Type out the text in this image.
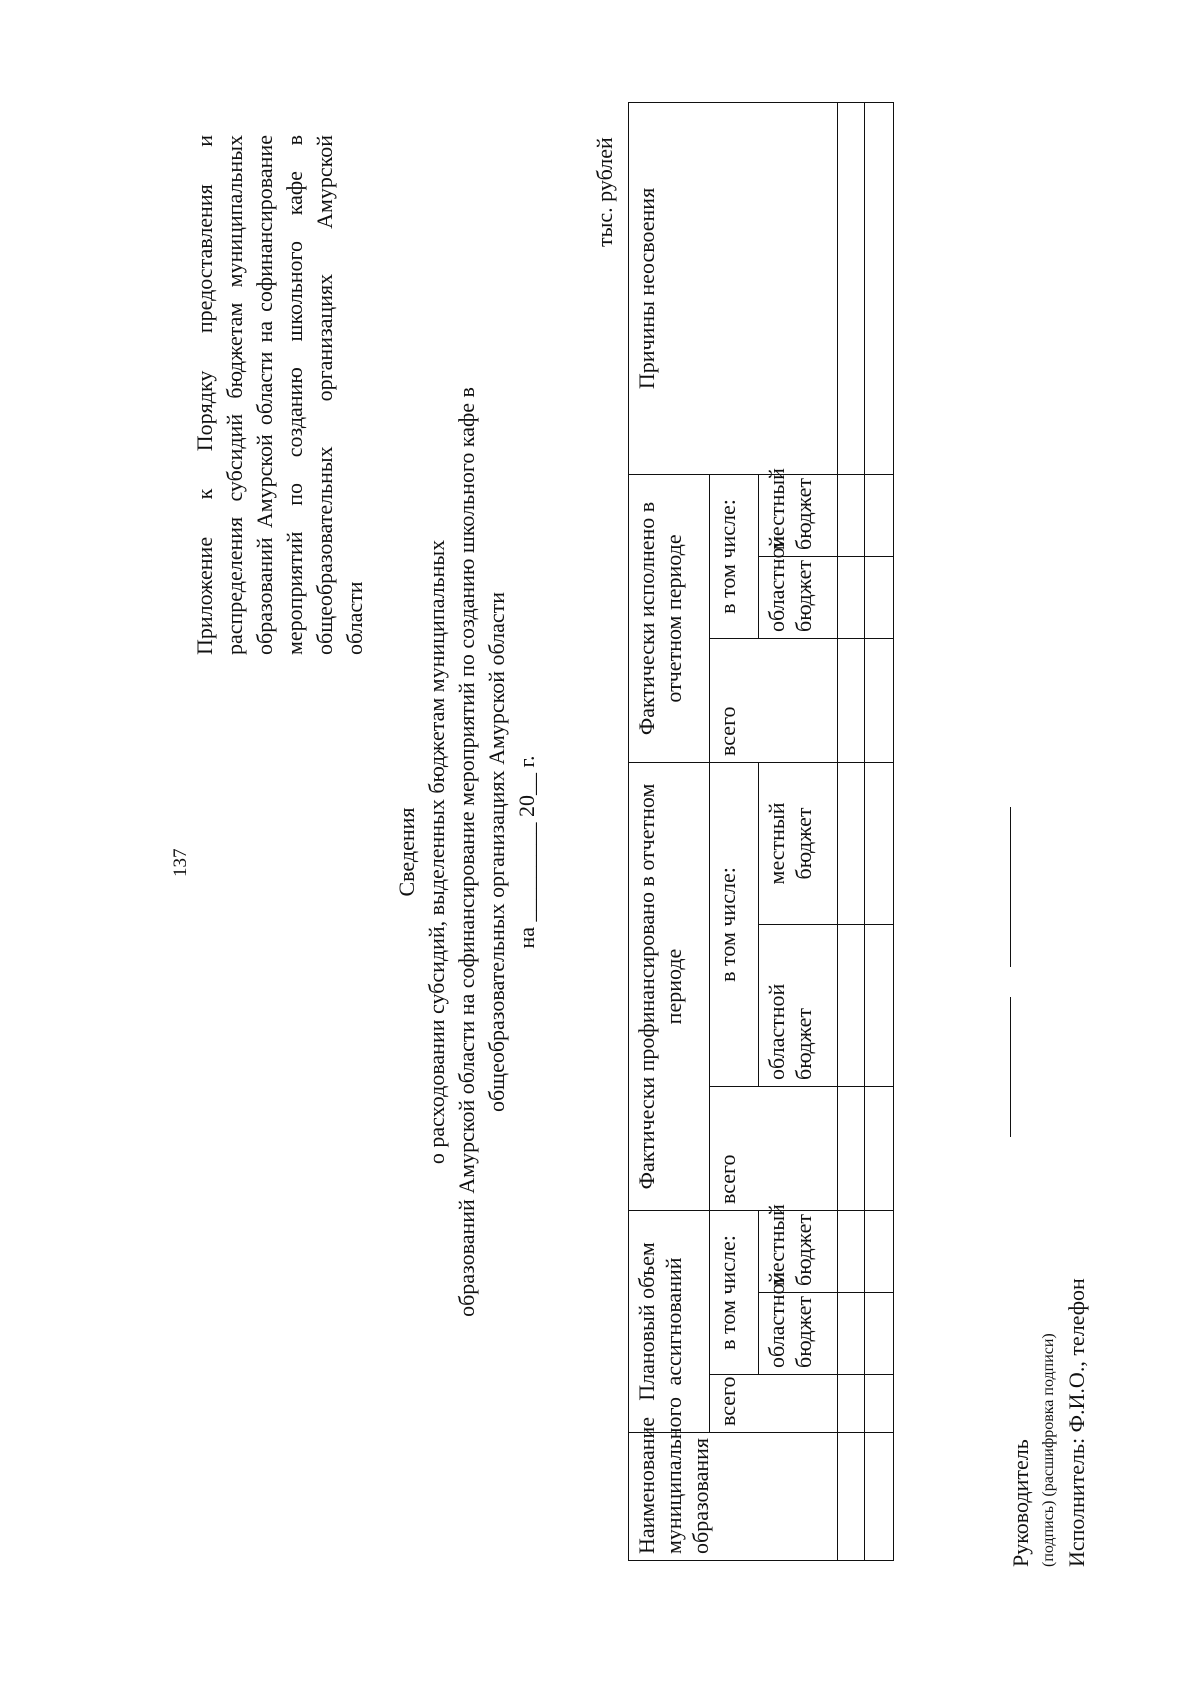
137
Приложение к Порядку предоставления и распределения субсидий бюджетам муниципальных образований Амурской области на софинансирование мероприятий по созданию школьного кафе в общеобразовательных организациях Амурской области
Сведения о расходовании субсидий, выделенных бюджетам муниципальных образований Амурской области на софинансирование мероприятий по созданию школьного кафе в общеобразовательных организациях Амурской области на _________ 20__ г.
тыс. рублей
Наименование муниципального образования	Плановый объем ассигнований			Фактически профинансировано в отчетном периоде			Фактически исполнено в отчетном периоде			Причины неосвоения
	всего	в том числе:		всего	в том числе:		всего	в том числе:		
		областной бюджет	местный бюджет		областной бюджет	местный бюджет		областной бюджет	местный бюджет	

Руководитель (подпись) (расшифровка подписи) Исполнитель: Ф.И.О., телефон
